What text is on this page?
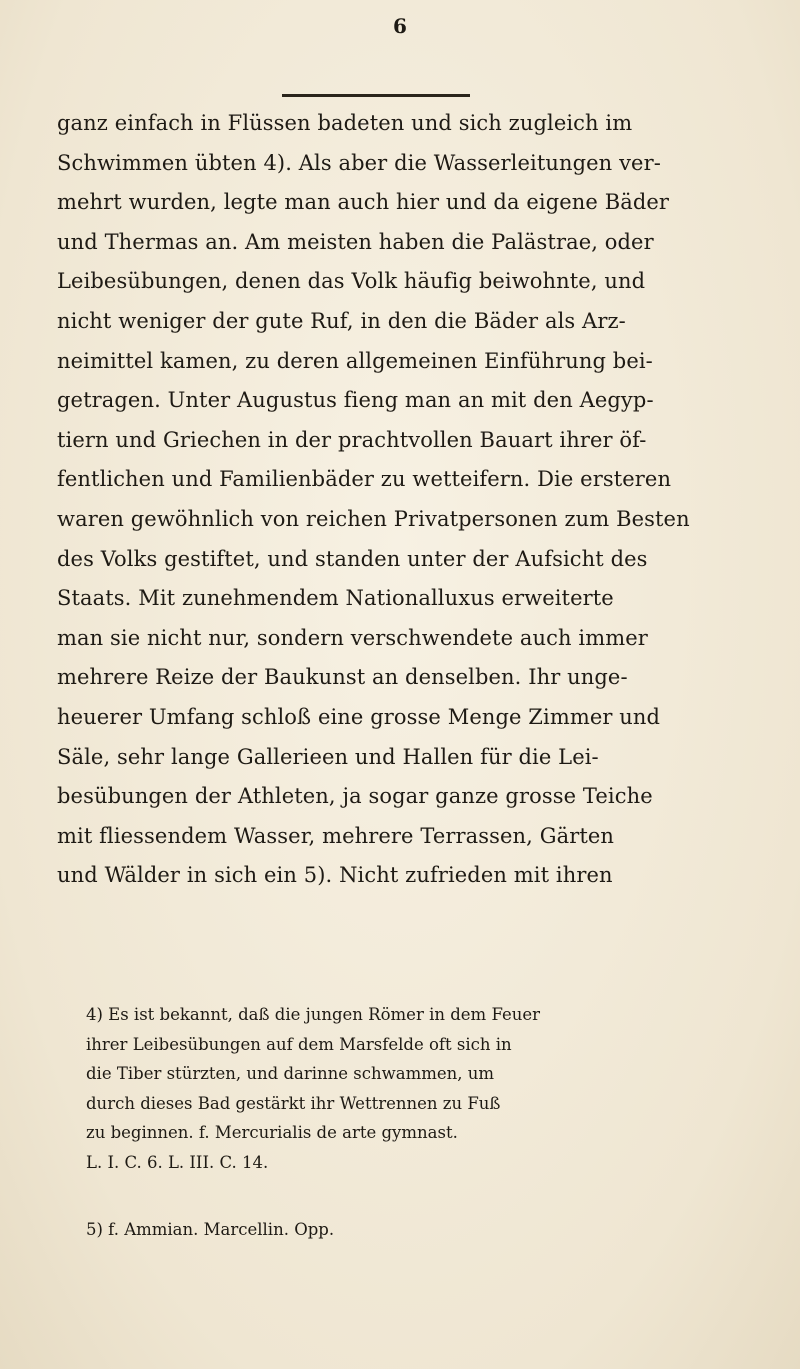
6
ganz einfach in Flüssen badeten und sich zugleich im
Schwimmen übten 4). Als aber die Wasserleitungen ver-
mehrt wurden, legte man auch hier und da eigene Bäder
und Thermas an. Am meisten haben die Palästrae, oder
Leibesübungen, denen das Volk häufig beiwohnte, und
nicht weniger der gute Ruf, in den die Bäder als Arz-
neimittel kamen, zu deren allgemeinen Einführung bei-
getragen. Unter Augustus fieng man an mit den Aegyp-
tiern und Griechen in der prachtvollen Bauart ihrer öf-
fentlichen und Familienbäder zu wetteifern. Die ersteren
waren gewöhnlich von reichen Privatpersonen zum Besten
des Volks gestiftet, und standen unter der Aufsicht des
Staats. Mit zunehmendem Nationalluxus erweiterte
man sie nicht nur, sondern verschwendete auch immer
mehrere Reize der Baukunst an denselben. Ihr unge-
heuerer Umfang schloß eine grosse Menge Zimmer und
Säle, sehr lange Gallerieen und Hallen für die Lei-
besübungen der Athleten, ja sogar ganze grosse Teiche
mit fliessendem Wasser, mehrere Terrassen, Gärten
und Wälder in sich ein 5). Nicht zufrieden mit ihren
4) Es ist bekannt, daß die jungen Römer in dem Feuer
ihrer Leibesübungen auf dem Marsfelde oft sich in
die Tiber stürzten, und darinne schwammen, um
durch dieses Bad gestärkt ihr Wettrennen zu Fuß
zu beginnen. f. Mercurialis de arte gymnast.
L. I. C. 6. L. III. C. 14.
5) f. Ammian. Marcellin. Opp.
